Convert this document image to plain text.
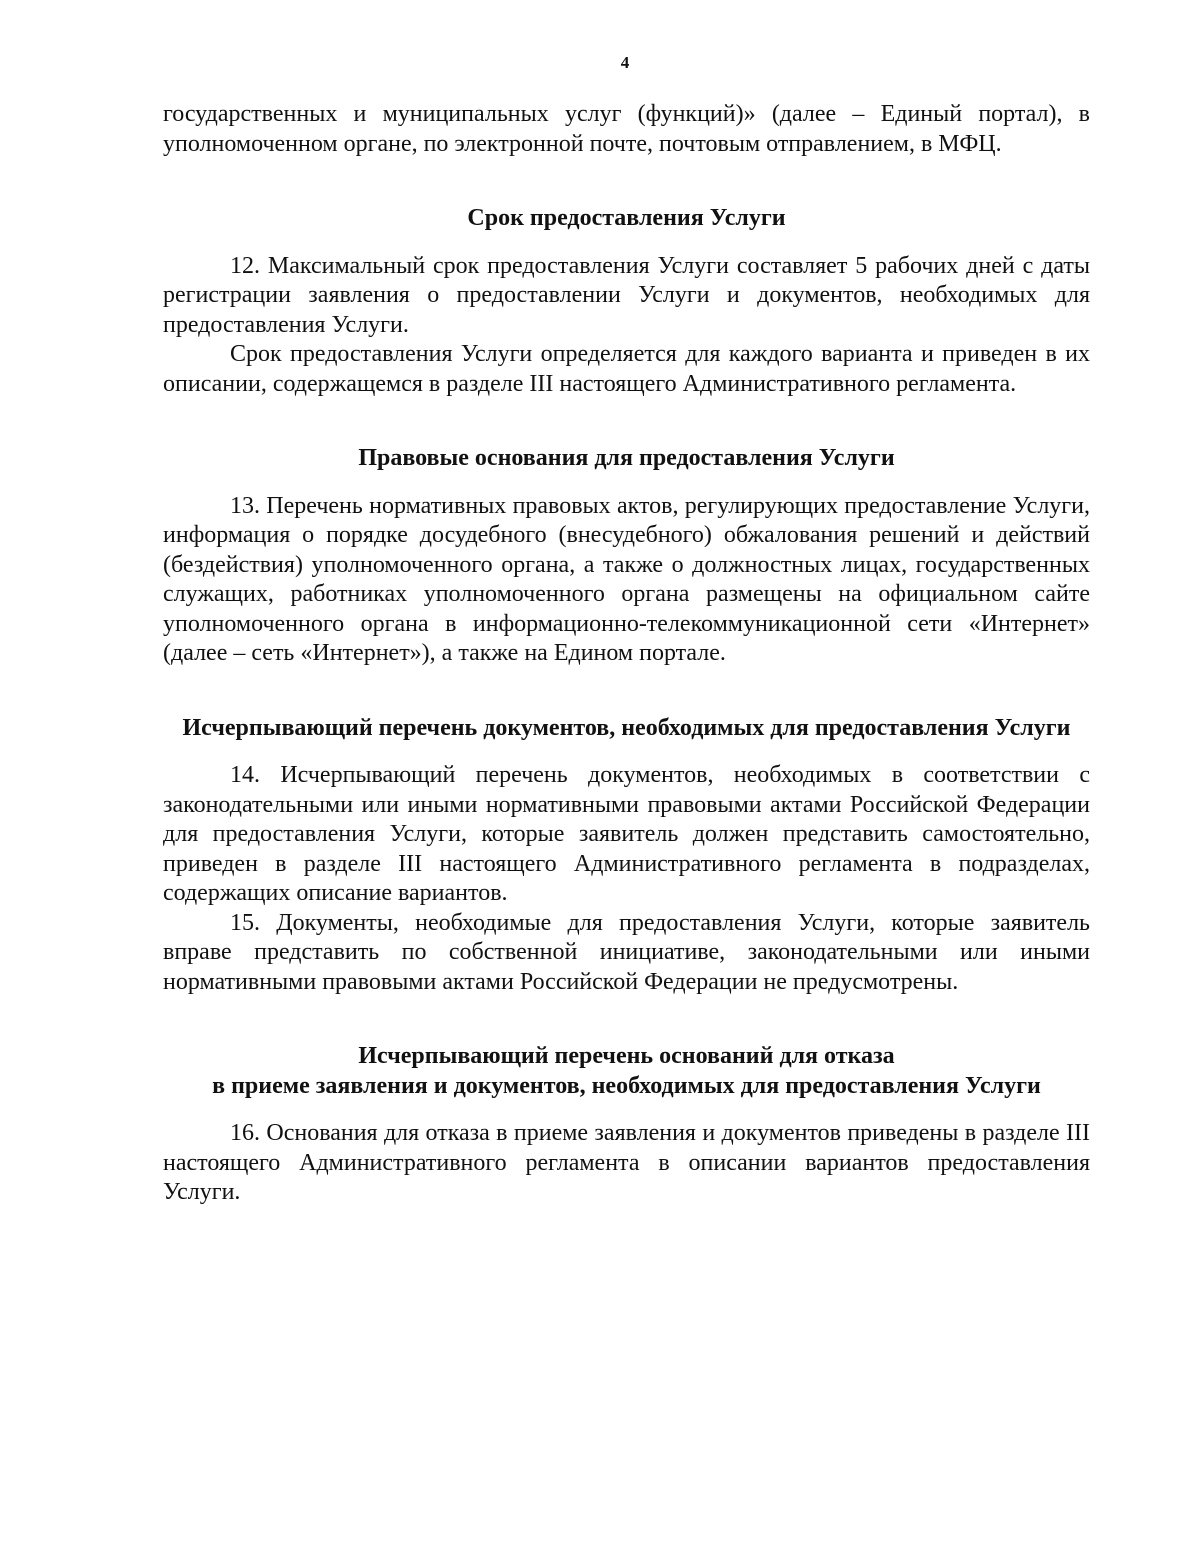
4

государственных и муниципальных услуг (функций)» (далее – Единый портал), в уполномоченном органе, по электронной почте, почтовым отправлением, в МФЦ.

Срок предоставления Услуги

12. Максимальный срок предоставления Услуги составляет 5 рабочих дней с даты регистрации заявления о предоставлении Услуги и документов, необходимых для предоставления Услуги.

Срок предоставления Услуги определяется для каждого варианта и приведен в их описании, содержащемся в разделе III настоящего Административного регламента.

Правовые основания для предоставления Услуги

13. Перечень нормативных правовых актов, регулирующих предоставление Услуги, информация о порядке досудебного (внесудебного) обжалования решений и действий (бездействия) уполномоченного органа, а также о должностных лицах, государственных служащих, работниках уполномоченного органа размещены на официальном сайте уполномоченного органа в информационно-телекоммуникационной сети «Интернет» (далее – сеть «Интернет»), а также на Едином портале.

Исчерпывающий перечень документов, необходимых для предоставления Услуги

14. Исчерпывающий перечень документов, необходимых в соответствии с законодательными или иными нормативными правовыми актами Российской Федерации для предоставления Услуги, которые заявитель должен представить самостоятельно, приведен в разделе III настоящего Административного регламента в подразделах, содержащих описание вариантов.

15. Документы, необходимые для предоставления Услуги, которые заявитель вправе представить по собственной инициативе, законодательными или иными нормативными правовыми актами Российской Федерации не предусмотрены.

Исчерпывающий перечень оснований для отказа
в приеме заявления и документов, необходимых для предоставления Услуги

16. Основания для отказа в приеме заявления и документов приведены в разделе III настоящего Административного регламента в описании вариантов предоставления Услуги.
